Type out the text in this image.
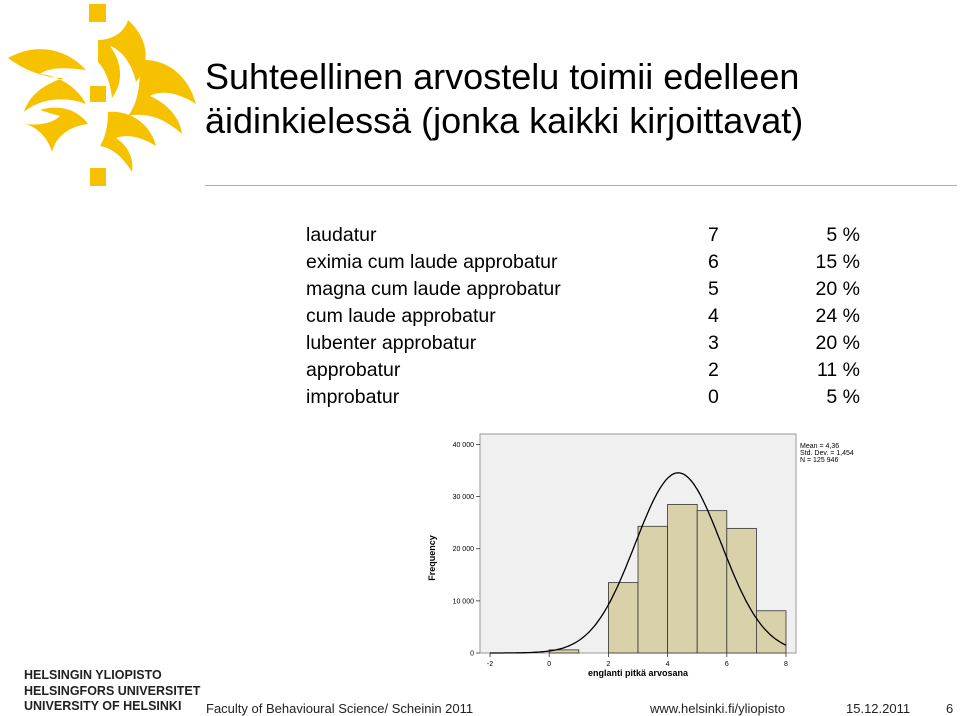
Suhteellinen arvostelu toimii edelleen
äidinkielessä (jonka kaikki kirjoittavat)
laudatur	7	5 %
eximia cum laude approbatur	6	15 %
magna cum laude approbatur	5	20 %
cum laude approbatur	4	24 %
lubenter approbatur	3	20 %
approbatur	2	11 %
improbatur	0	5 %
0
10 000
20 000
30 000
40 000
-2	0	2	4	6	8
Frequency
englanti pitkä arvosana
Mean = 4,36
Std. Dev. = 1,454
N = 125 946
HELSINGIN YLIOPISTO
HELSINGFORS UNIVERSITET
UNIVERSITY OF HELSINKI	Faculty of Behavioural Science/ Scheinin 2011	www.helsinki.fi/yliopisto	15.12.2011	6
